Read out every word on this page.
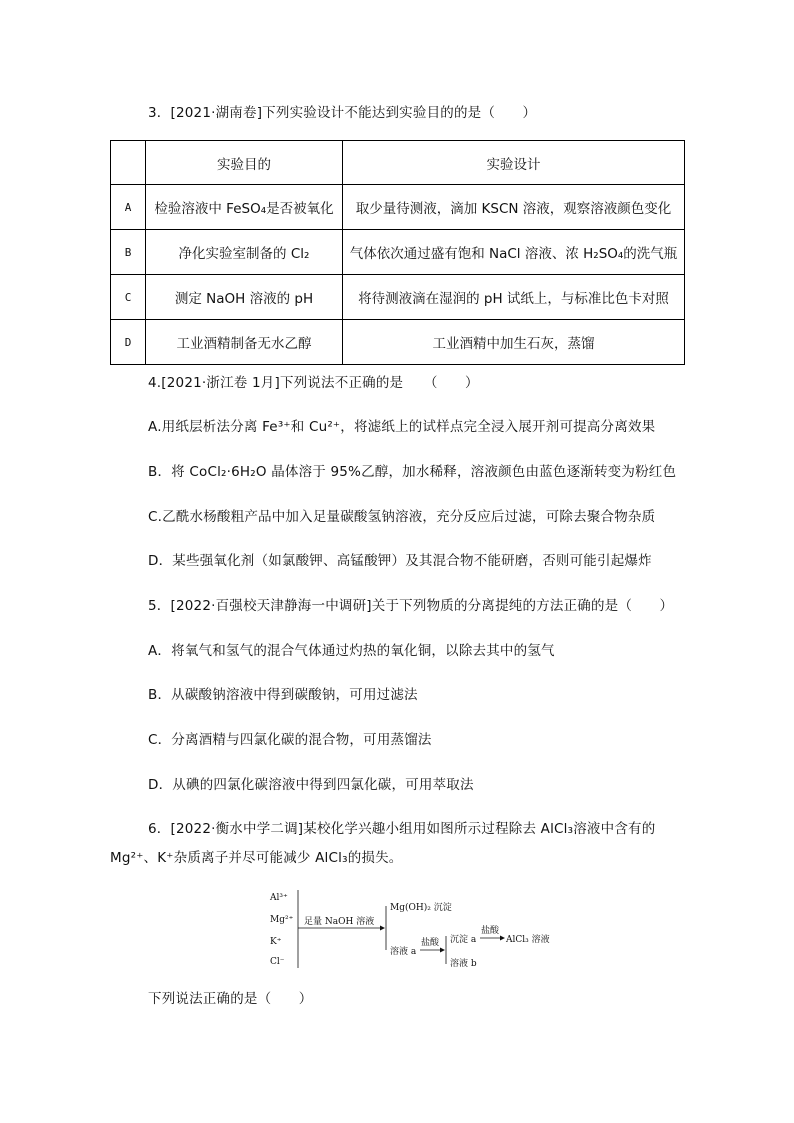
3．[2021·湖南卷]下列实验设计不能达到实验目的的是（　　）
	实验目的	实验设计
A	检验溶液中 FeSO₄是否被氧化	取少量待测液，滴加 KSCN 溶液，观察溶液颜色变化
B	净化实验室制备的 Cl₂	气体依次通过盛有饱和 NaCl 溶液、浓 H₂SO₄的洗气瓶
C	测定 NaOH 溶液的 pH	将待测液滴在湿润的 pH 试纸上，与标准比色卡对照
D	工业酒精制备无水乙醇	工业酒精中加生石灰，蒸馏
4.[2021·浙江卷 1月]下列说法不正确的是　　（　　）
A.用纸层析法分离 Fe³⁺和 Cu²⁺，将滤纸上的试样点完全浸入展开剂可提高分离效果
B．将 CoCl₂·6H₂O 晶体溶于 95%乙醇，加水稀释，溶液颜色由蓝色逐渐转变为粉红色
C.乙酰水杨酸粗产品中加入足量碳酸氢钠溶液，充分反应后过滤，可除去聚合物杂质
D．某些强氧化剂（如氯酸钾、高锰酸钾）及其混合物不能研磨，否则可能引起爆炸
5．[2022·百强校天津静海一中调研]关于下列物质的分离提纯的方法正确的是（　　）
A．将氧气和氢气的混合气体通过灼热的氧化铜，以除去其中的氢气
B．从碳酸钠溶液中得到碳酸钠，可用过滤法
C．分离酒精与四氯化碳的混合物，可用蒸馏法
D．从碘的四氯化碳溶液中得到四氯化碳，可用萃取法
6．[2022·衡水中学二调]某校化学兴趣小组用如图所示过程除去 AlCl₃溶液中含有的
Mg²⁺、K⁺杂质离子并尽可能减少 AlCl₃的损失。
Al³⁺
Mg²⁺
K⁺
Cl⁻
足量 NaOH 溶液
Mg(OH)₂ 沉淀
溶液 a
盐酸 沉淀 a
溶液 b
盐酸
AlCl₃ 溶液
下列说法正确的是（　　）
